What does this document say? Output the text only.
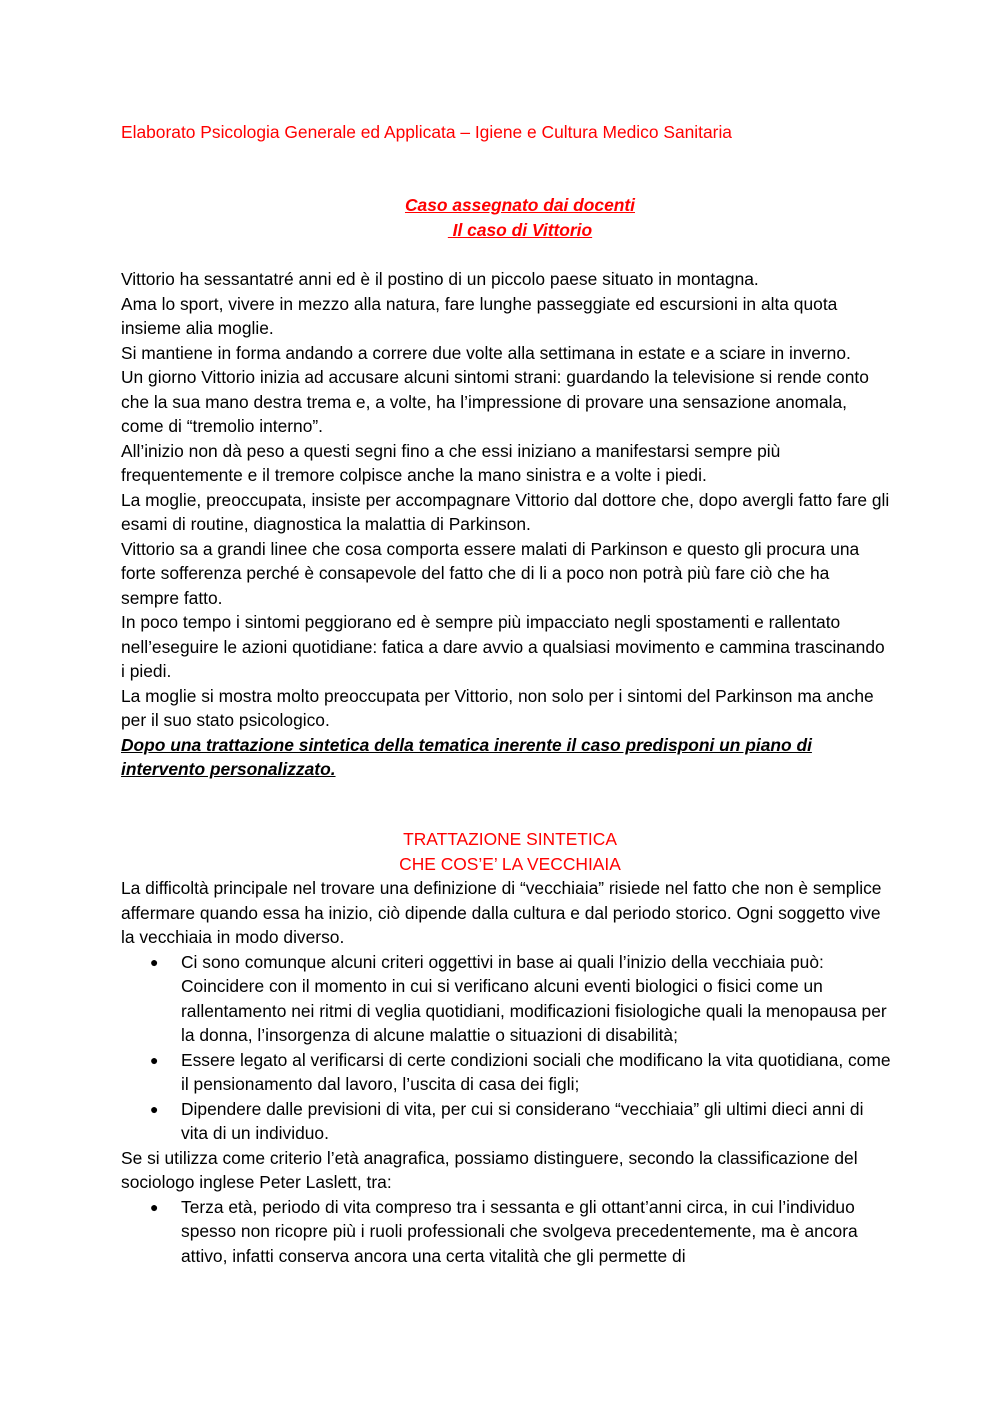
Elaborato Psicologia Generale ed Applicata – Igiene e Cultura Medico Sanitaria
Caso assegnato dai docenti
Il caso di Vittorio

Vittorio ha sessantatré anni ed è il postino di un piccolo paese situato in montagna.

Ama lo sport, vivere in mezzo alla natura, fare lunghe passeggiate ed escursioni in alta quota insieme alia moglie.

Si mantiene in forma andando a correre due volte alla settimana in estate e a sciare in inverno.

Un giorno Vittorio inizia ad accusare alcuni sintomi strani: guardando la televisione si rende conto che la sua mano destra trema e, a volte, ha l’impressione di provare una sensazione anomala, come di “tremolio interno”.

All’inizio non dà peso a questi segni fino a che essi iniziano a manifestarsi sempre più frequentemente e il tremore colpisce anche la mano sinistra e a volte i piedi.

La moglie, preoccupata, insiste per accompagnare Vittorio dal dottore che, dopo avergli fatto fare gli esami di routine, diagnostica la malattia di Parkinson.

Vittorio sa a grandi linee che cosa comporta essere malati di Parkinson e questo gli procura una forte sofferenza perché è consapevole del fatto che di li a poco non potrà più fare ciò che ha sempre fatto.

In poco tempo i sintomi peggiorano ed è sempre più impacciato negli spostamenti e rallentato nell’eseguire le azioni quotidiane: fatica a dare avvio a qualsiasi movimento e cammina trascinando i piedi.

La moglie si mostra molto preoccupata per Vittorio, non solo per i sintomi del Parkinson ma anche per il suo stato psicologico.

Dopo una trattazione sintetica della tematica inerente il caso predisponi un piano di intervento personalizzato.

TRATTAZIONE SINTETICA
CHE COS’E’ LA VECCHIAIA

La difficoltà principale nel trovare una definizione di “vecchiaia” risiede nel fatto che non è semplice affermare quando essa ha inizio, ciò dipende dalla cultura e dal periodo storico. Ogni soggetto vive la vecchiaia in modo diverso.

● Ci sono comunque alcuni criteri oggettivi in base ai quali l’inizio della vecchiaia può: Coincidere con il momento in cui si verificano alcuni eventi biologici o fisici come un rallentamento nei ritmi di veglia quotidiani, modificazioni fisiologiche quali la menopausa per la donna, l’insorgenza di alcune malattie o situazioni di disabilità;
● Essere legato al verificarsi di certe condizioni sociali che modificano la vita quotidiana, come il pensionamento dal lavoro, l’uscita di casa dei figli;
● Dipendere dalle previsioni di vita, per cui si considerano “vecchiaia” gli ultimi dieci anni di vita di un individuo.

Se si utilizza come criterio l’età anagrafica, possiamo distinguere, secondo la classificazione del sociologo inglese Peter Laslett, tra:

● Terza età, periodo di vita compreso tra i sessanta e gli ottant’anni circa, in cui l’individuo spesso non ricopre più i ruoli professionali che svolgeva precedentemente, ma è ancora attivo, infatti conserva ancora una certa vitalità che gli permette di
